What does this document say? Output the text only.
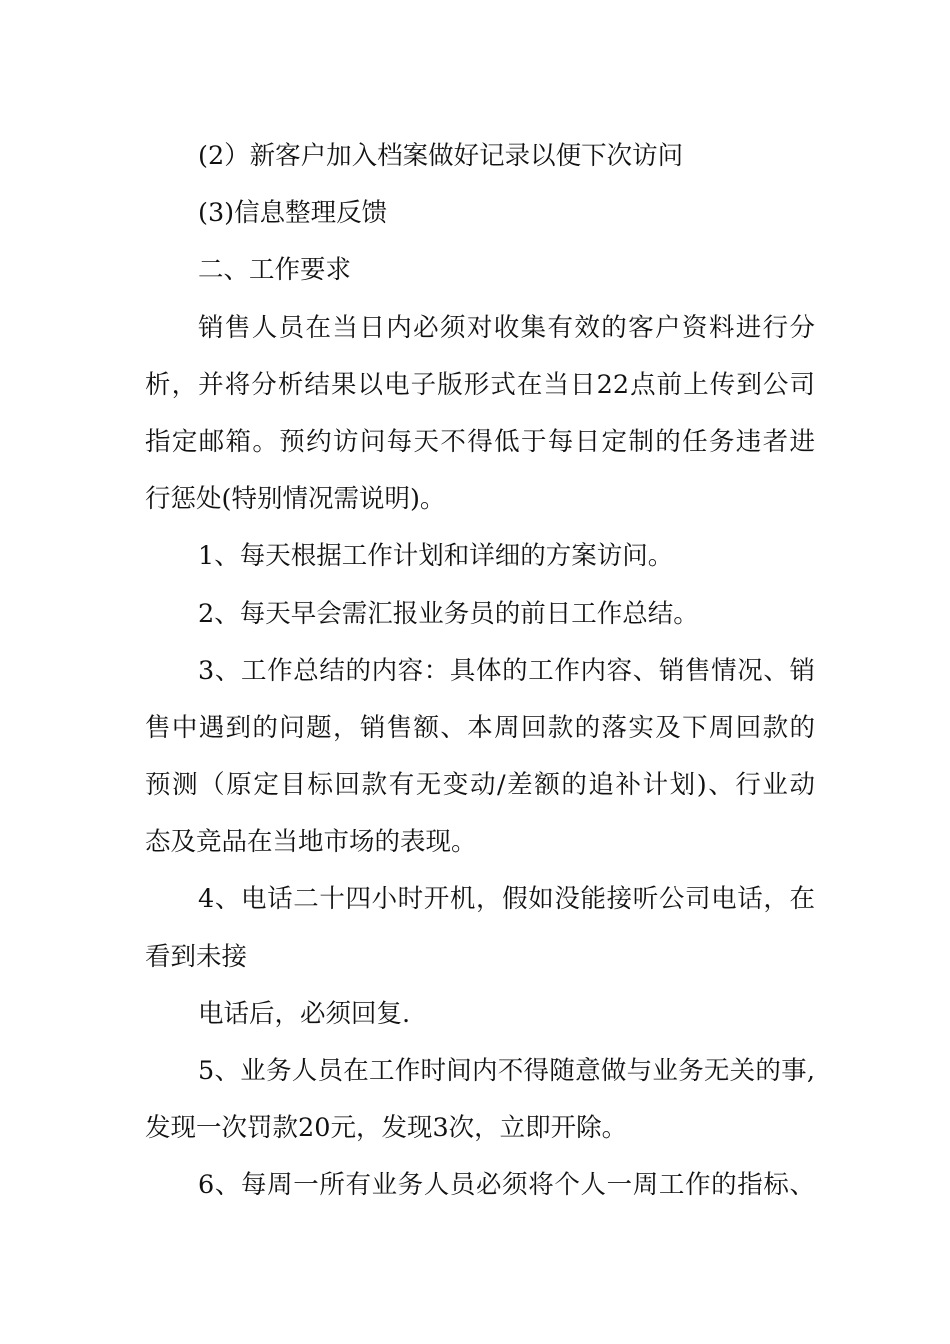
(2）新客户加入档案做好记录以便下次访问
(3)信息整理反馈
二、工作要求
销售人员在当日内必须对收集有效的客户资料进行分
析，并将分析结果以电子版形式在当日22点前上传到公司
指定邮箱。预约访问每天不得低于每日定制的任务违者进
行惩处(特别情况需说明)。
1、每天根据工作计划和详细的方案访问。
2、每天早会需汇报业务员的前日工作总结。
3、工作总结的内容：具体的工作内容、销售情况、销
售中遇到的问题，销售额、本周回款的落实及下周回款的
预测（原定目标回款有无变动/差额的追补计划)、行业动
态及竞品在当地市场的表现。
4、电话二十四小时开机，假如没能接听公司电话，在
看到未接
电话后，必须回复.
5、业务人员在工作时间内不得随意做与业务无关的事,
发现一次罚款20元，发现3次，立即开除。
6、每周一所有业务人员必须将个人一周工作的指标、
